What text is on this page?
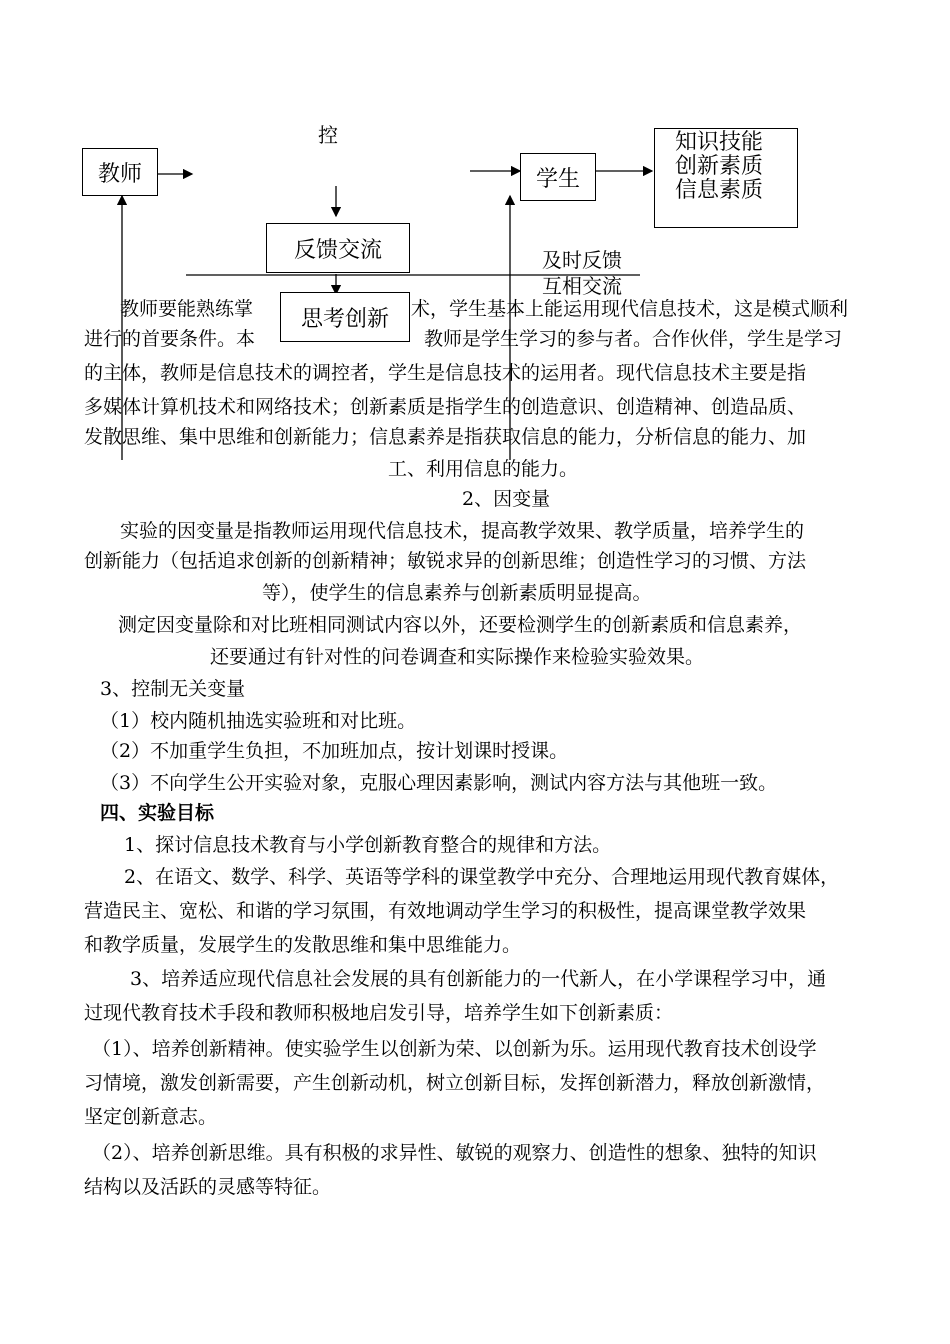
教师
控
反馈交流
思考创新
学生
知识技能
创新素质
信息素质
及时反馈
互相交流
教师要能熟练掌	术，学生基本上能运用现代信息技术，这是模式顺利
进行的首要条件。本	教师是学生学习的参与者。合作伙伴，学生是学习
的主体，教师是信息技术的调控者，学生是信息技术的运用者。现代信息技术主要是指
多媒体计算机技术和网络技术；创新素质是指学生的创造意识、创造精神、创造品质、
发散思维、集中思维和创新能力；信息素养是指获取信息的能力，分析信息的能力、加
工、利用信息的能力。
2、因变量
实验的因变量是指教师运用现代信息技术，提高教学效果、教学质量，培养学生的
创新能力（包括追求创新的创新精神；敏锐求异的创新思维；创造性学习的习惯、方法
等），使学生的信息素养与创新素质明显提高。
测定因变量除和对比班相同测试内容以外，还要检测学生的创新素质和信息素养，
还要通过有针对性的问卷调查和实际操作来检验实验效果。
3、控制无关变量
（1）校内随机抽选实验班和对比班。
（2）不加重学生负担，不加班加点，按计划课时授课。
（3）不向学生公开实验对象，克服心理因素影响，测试内容方法与其他班一致。
四、实验目标
1、探讨信息技术教育与小学创新教育整合的规律和方法。
2、在语文、数学、科学、英语等学科的课堂教学中充分、合理地运用现代教育媒体，
营造民主、宽松、和谐的学习氛围，有效地调动学生学习的积极性，提高课堂教学效果
和教学质量，发展学生的发散思维和集中思维能力。
3、培养适应现代信息社会发展的具有创新能力的一代新人，在小学课程学习中，通
过现代教育技术手段和教师积极地启发引导，培养学生如下创新素质：
（1）、培养创新精神。使实验学生以创新为荣、以创新为乐。运用现代教育技术创设学
习情境，激发创新需要，产生创新动机，树立创新目标，发挥创新潜力，释放创新激情，
坚定创新意志。
（2）、培养创新思维。具有积极的求异性、敏锐的观察力、创造性的想象、独特的知识
结构以及活跃的灵感等特征。
